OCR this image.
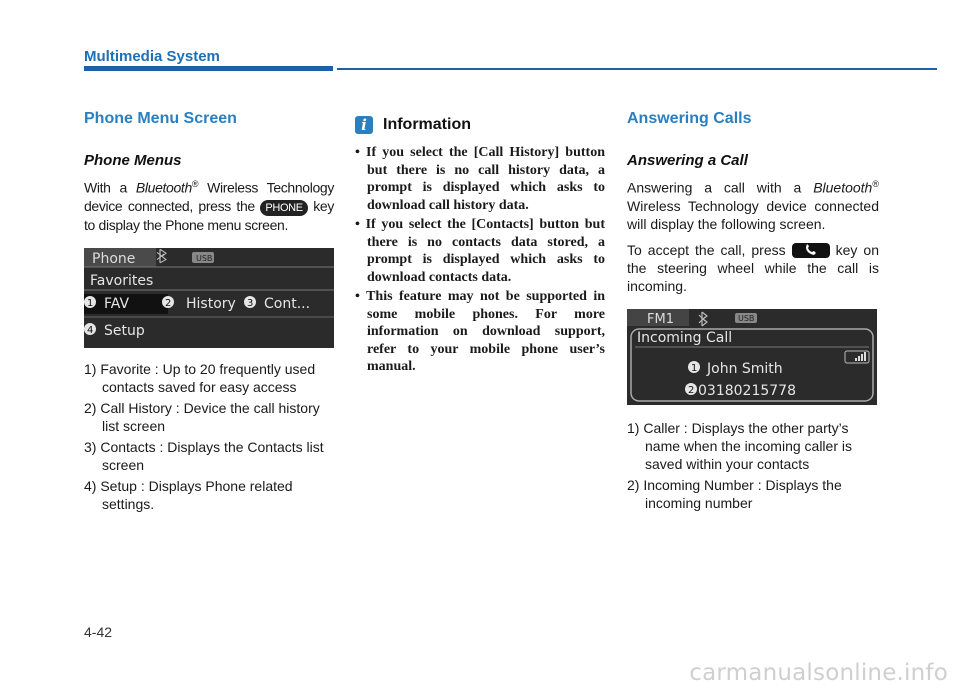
Multimedia System
Phone Menu Screen
Phone Menus

With a Bluetooth® Wireless Technology device connected, press the PHONE key to display the Phone menu screen.

Phone	USB
Favorites
1 FAV	2 History 3 Cont...
4 Setup
1) Favorite : Up to 20 frequently used contacts saved for easy access
2) Call History : Device the call history list screen
3) Contacts : Displays the Contacts list screen
4) Setup : Displays Phone related settings.
i	Information
• If you select the [Call History] button but there is no call history data, a prompt is displayed which asks to download call history data.
• If you select the [Contacts] button but there is no contacts data stored, a prompt is displayed which asks to download contacts data.
• This feature may not be supported in some mobile phones. For more information on download support, refer to your mobile phone user’s manual.
Answering Calls
Answering a Call

Answering a call with a Bluetooth® Wireless Technology device connected will display the following screen.

To accept the call, press	key on the steering wheel while the call is incoming.

FM1	USB
Incoming Call
1 John Smith
2 03180215778
1) Caller : Displays the other party’s name when the incoming caller is saved within your contacts
2) Incoming Number : Displays the incoming number
4-42
carmanualsonline.info
